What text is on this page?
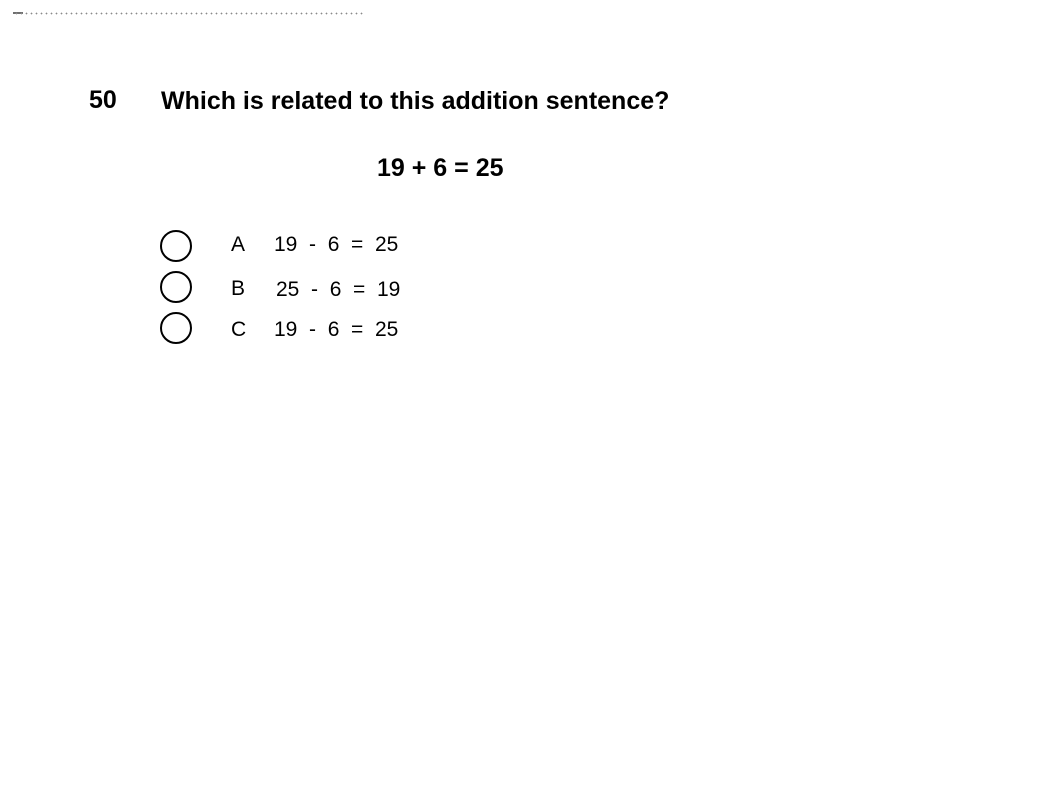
50 Which is related to this addition sentence?
19 + 6 = 25
A 19  -  6  =  25
B 25  -  6  =  19
C 19  -  6  =  25
